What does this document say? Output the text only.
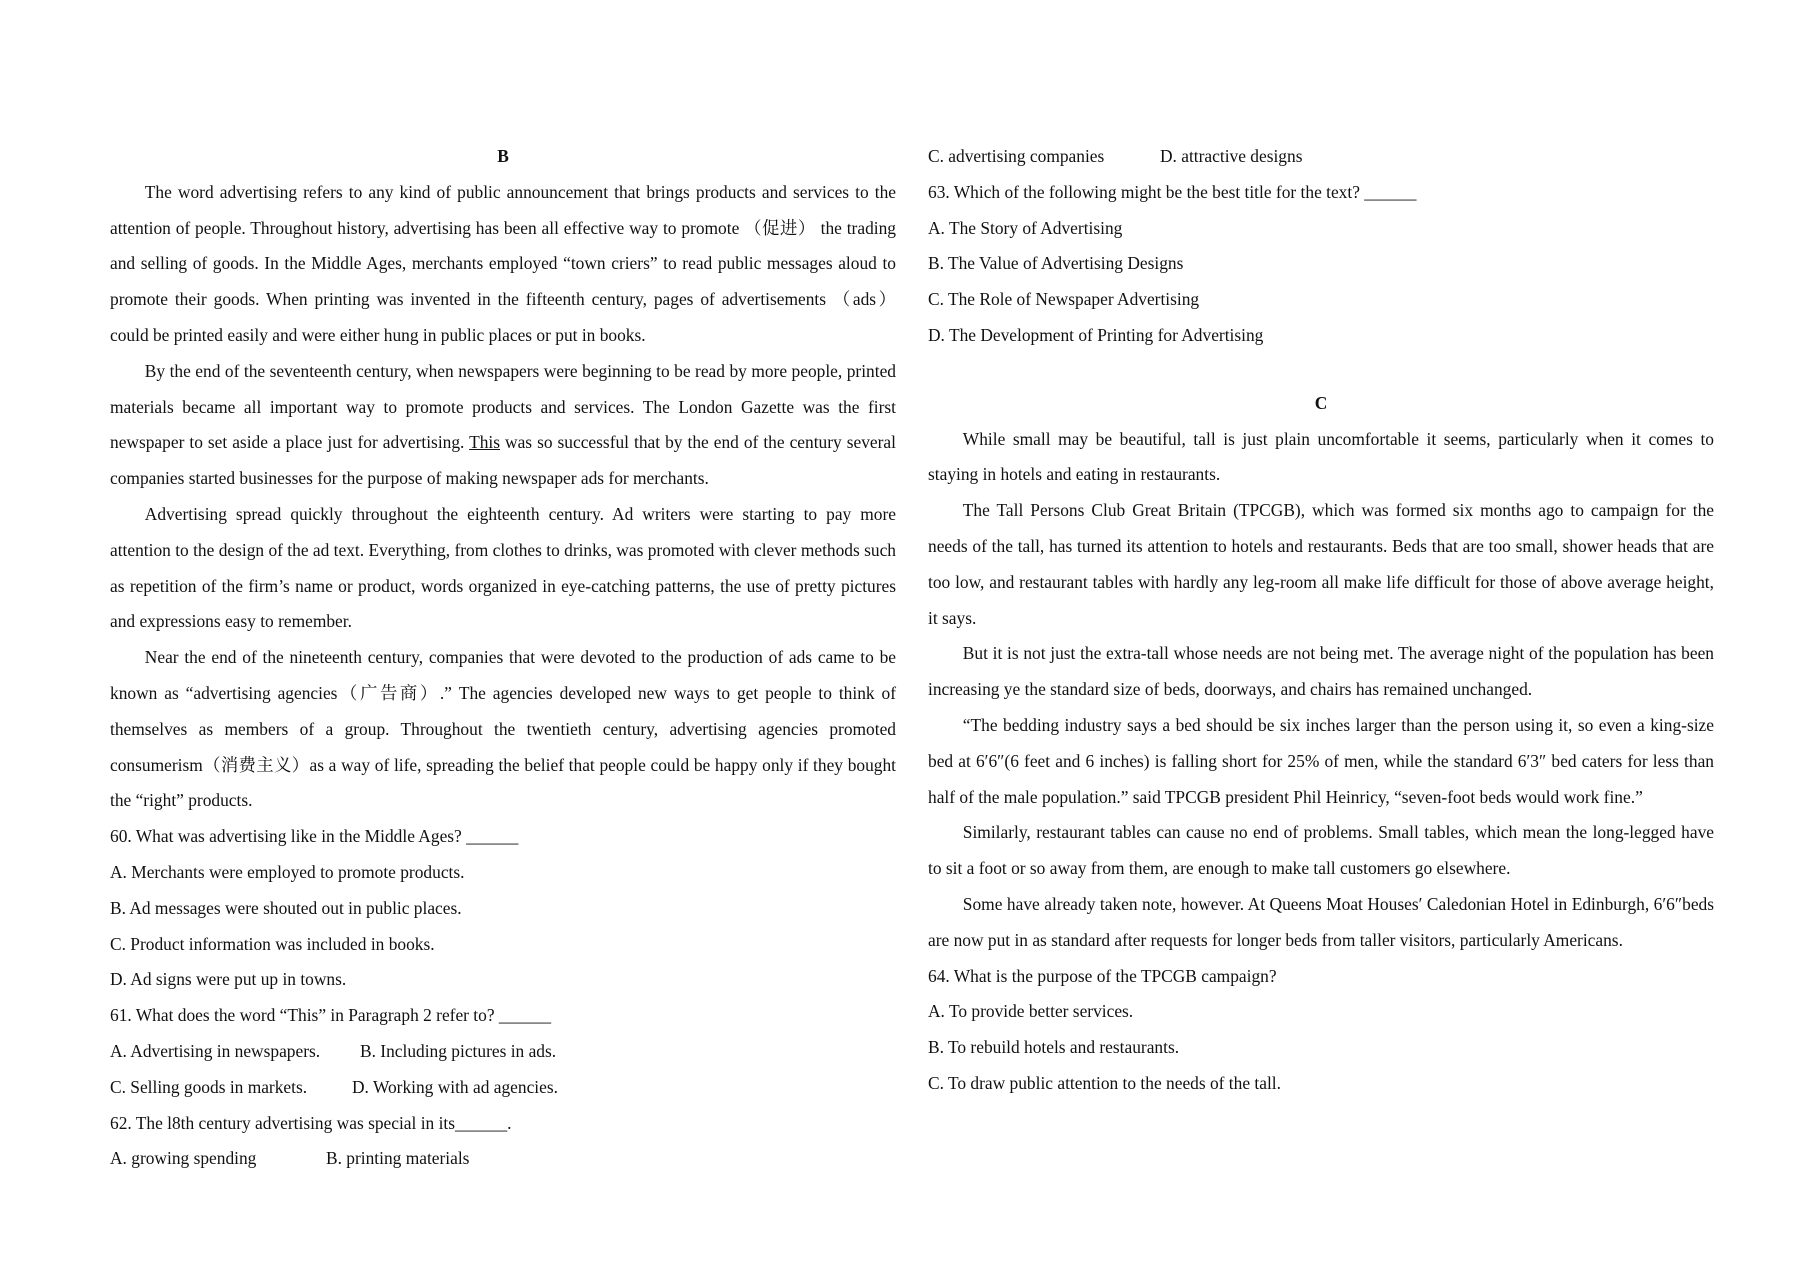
B

The word advertising refers to any kind of public announcement that brings products and services to the attention of people. Throughout history, advertising has been all effective way to promote （促进） the trading and selling of goods. In the Middle Ages, merchants employed “town criers” to read public messages aloud to promote their goods. When printing was invented in the fifteenth century, pages of advertisements （ads） could be printed easily and were either hung in public places or put in books.

By the end of the seventeenth century, when newspapers were beginning to be read by more people, printed materials became all important way to promote products and services. The London Gazette was the first newspaper to set aside a place just for advertising. This was so successful that by the end of the century several companies started businesses for the purpose of making newspaper ads for merchants.

Advertising spread quickly throughout the eighteenth century. Ad writers were starting to pay more attention to the design of the ad text. Everything, from clothes to drinks, was promoted with clever methods such as repetition of the firm’s name or product, words organized in eye-catching patterns, the use of pretty pictures and expressions easy to remember.

Near the end of the nineteenth century, companies that were devoted to the production of ads came to be known as “advertising agencies（广告商）.” The agencies developed new ways to get people to think of themselves as members of a group. Throughout the twentieth century, advertising agencies promoted consumerism（消费主义）as a way of life, spreading the belief that people could be happy only if they bought the “right” products.

60. What was advertising like in the Middle Ages? ______

A. Merchants were employed to promote products.

B. Ad messages were shouted out in public places.

C. Product information was included in books.

D. Ad signs were put up in towns.

61. What does the word “This” in Paragraph 2 refer to? ______

A. Advertising in newspapers.	B. Including pictures in ads.
C. Selling goods in markets.	D. Working with ad agencies.

62. The l8th century advertising was special in its______.

A. growing spending	B. printing materials
C. advertising companies	D. attractive designs

63. Which of the following might be the best title for the text? ______

A. The Story of Advertising

B. The Value of Advertising Designs

C. The Role of Newspaper Advertising

D. The Development of Printing for Advertising

C

While small may be beautiful, tall is just plain uncomfortable it seems, particularly when it comes to staying in hotels and eating in restaurants.

The Tall Persons Club Great Britain (TPCGB), which was formed six months ago to campaign for the needs of the tall, has turned its attention to hotels and restaurants. Beds that are too small, shower heads that are too low, and restaurant tables with hardly any leg-room all make life difficult for those of above average height, it says.

But it is not just the extra-tall whose needs are not being met. The average night of the population has been increasing ye the standard size of beds, doorways, and chairs has remained unchanged.

“The bedding industry says a bed should be six inches larger than the person using it, so even a king-size bed at 6′6″(6 feet and 6 inches) is falling short for 25% of men, while the standard 6′3″ bed caters for less than half of the male population.” said TPCGB president Phil Heinricy, “seven-foot beds would work fine.”

Similarly, restaurant tables can cause no end of problems. Small tables, which mean the long-legged have to sit a foot or so away from them, are enough to make tall customers go elsewhere.

Some have already taken note, however. At Queens Moat Houses′ Caledonian Hotel in Edinburgh, 6′6″beds are now put in as standard after requests for longer beds from taller visitors, particularly Americans.

64. What is the purpose of the TPCGB campaign?

A. To provide better services.

B. To rebuild hotels and restaurants.

C. To draw public attention to the needs of the tall.
